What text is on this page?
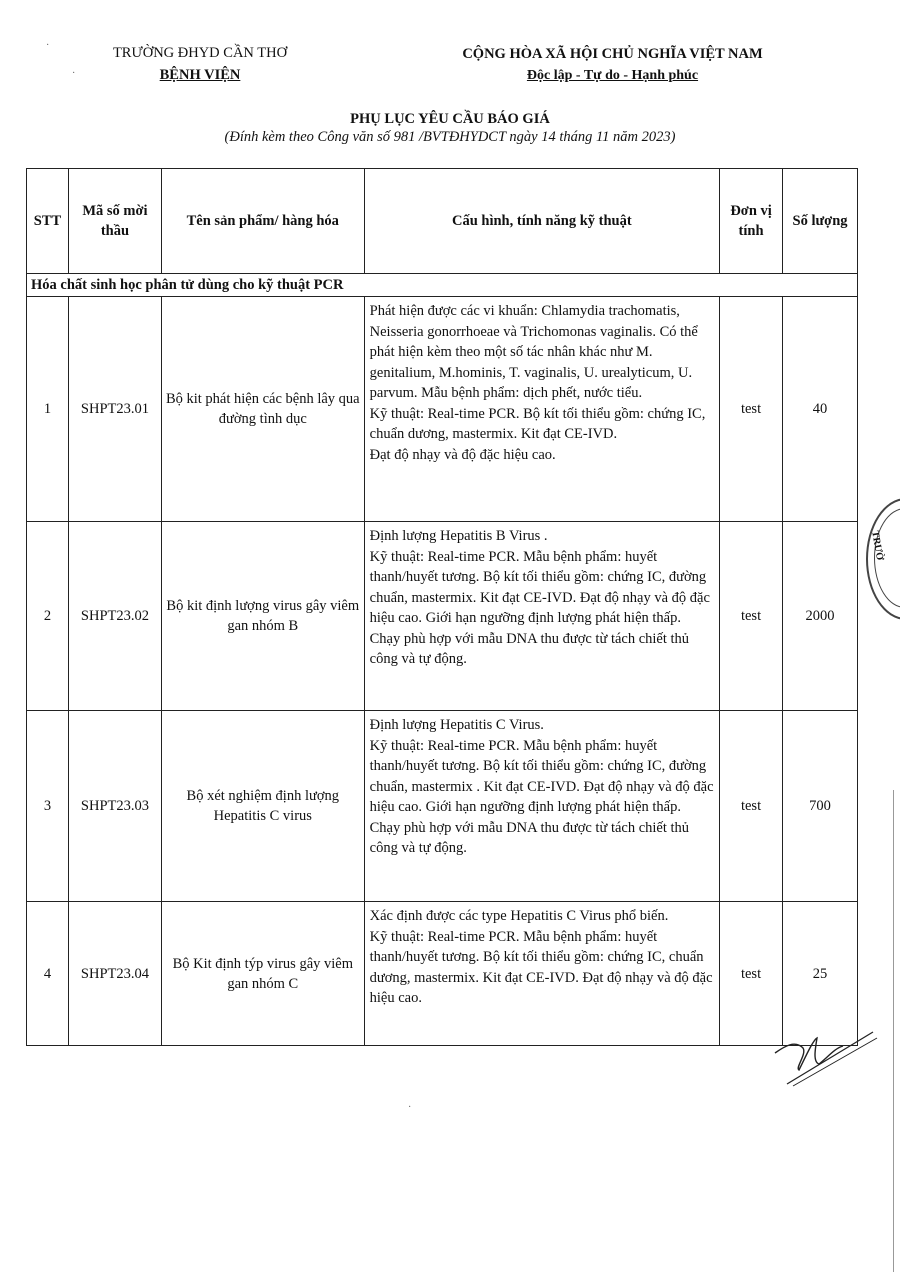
TRƯỜNG ĐHYD CẦN THƠ
BỆNH VIỆN
CỘNG HÒA XÃ HỘI CHỦ NGHĨA VIỆT NAM
Độc lập - Tự do - Hạnh phúc
PHỤ LỤC YÊU CẦU BÁO GIÁ
(Đính kèm theo Công văn số 981 /BVTĐHYDCT ngày 14 tháng 11 năm 2023)
STT	Mã số mời thầu	Tên sản phẩm/ hàng hóa	Cấu hình, tính năng kỹ thuật	Đơn vị tính	Số lượng
Hóa chất sinh học phân tử dùng cho kỹ thuật PCR					
1	SHPT23.01	Bộ kit phát hiện các bệnh lây qua đường tình dục	Phát hiện được các vi khuẩn: Chlamydia trachomatis, Neisseria gonorrhoeae và Trichomonas vaginalis. Có thể phát hiện kèm theo một số tác nhân khác như M. genitalium, M.hominis, T. vaginalis, U. urealyticum, U. parvum. Mẫu bệnh phẩm: dịch phết, nước tiểu.
Kỹ thuật: Real-time PCR. Bộ kít tối thiểu gồm: chứng IC, chuẩn dương, mastermix. Kit đạt CE-IVD.
Đạt độ nhạy và độ đặc hiệu cao.	test	40
2	SHPT23.02	Bộ kit định lượng virus gây viêm gan nhóm B	Định lượng Hepatitis B Virus .
Kỹ thuật: Real-time PCR. Mẫu bệnh phẩm: huyết thanh/huyết tương. Bộ kít tối thiểu gồm: chứng IC, đường chuẩn, mastermix. Kit đạt CE-IVD. Đạt độ nhạy và độ đặc hiệu cao. Giới hạn ngưỡng định lượng phát hiện thấp. Chạy phù hợp với mẫu DNA thu được từ tách chiết thủ công và tự động.	test	2000
3	SHPT23.03	Bộ xét nghiệm định lượng Hepatitis C virus	Định lượng Hepatitis C Virus.
Kỹ thuật: Real-time PCR. Mẫu bệnh phẩm: huyết thanh/huyết tương. Bộ kít tối thiểu gồm: chứng IC, đường chuẩn, mastermix . Kit đạt CE-IVD. Đạt độ nhạy và độ đặc hiệu cao. Giới hạn ngưỡng định lượng phát hiện thấp. Chạy phù hợp với mẫu DNA thu được từ tách chiết thủ công và tự động.	test	700
4	SHPT23.04	Bộ Kit định týp virus gây viêm gan nhóm C	Xác định được các type Hepatitis C Virus phổ biến.
Kỹ thuật: Real-time PCR. Mẫu bệnh phẩm: huyết thanh/huyết tương. Bộ kít tối thiểu gồm: chứng IC, chuẩn dương, mastermix. Kit đạt CE-IVD. Đạt độ nhạy và độ đặc hiệu cao.	test	25
TRƯỜ
·
·
·
